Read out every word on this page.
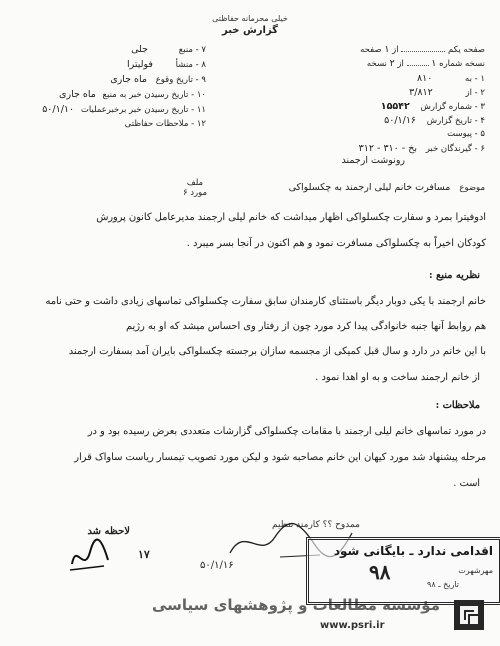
خیلی محرمانه حفاظتی
گزارش خبر
صفحه یکم  از ۱ صفحه
نسخه شماره ۱  از ۲ نسخه
۱ - به ۸۱۰
۲ - از ۳/۸۱۲
۳ - شماره گزارش ۱۵۵۴۲
۴ - تاریخ گزارش ۵۰/۱/۱۶
۵ - پیوست
۶ - گیرندگان خبر بخ - ۳۱۰ - ۳۱۲
رونوشت ارجمند
۷ - منبع جلی
۸ - منشأ فولیترا
۹ - تاریخ وقوع ماه جاری
۱۰ - تاریخ رسیدن خبر به منبع ماه جاری
۱۱ - تاریخ رسیدن خبر برخبرعملیات ۵۰/۱/۱۰
۱۲ - ملاحظات حفاظتی
موضوع مسافرت خانم لیلی ارجمند به چکسلواکی
ملف
۶ مورد
ادوفیترا بمرد و سفارت چکسلواکی اظهار میداشت که خانم لیلی ارجمند مدیرعامل کانون پرورش
کودکان اخیراً به چکسلواکی مسافرت نمود و هم اکنون در آنجا بسر میبرد .
نظریه منبع :
خانم ارجمند با یکی دوبار دیگر باستثنای کارمندان سابق سفارت چکسلواکی تماسهای زیادی داشت و حتی نامه
هم روابط آنها جنبه خانوادگی پیدا کرد مورد چون از رفتار وی احساس میشد که او به رژیم
با این خانم در دارد و سال قبل کمیکی از مجسمه سازان برجسته چکسلواکی بایران آمد بسفارت ارجمند
از خانم ارجمند ساخت و به او اهدا نمود .
ملاحظات :
در مورد تماسهای خانم لیلی ارجمند با مقامات چکسلواکی گزارشات متعددی بعرض رسیده بود و در
مرحله پیشنهاد شد مورد کیهان این خانم مصاحبه شود و لیکن مورد تصویب تیمسار ریاست ساواک قرار
است .
ممدوح ؟؟ کارمند تنظیم
۵۰/۱/۱۶
لاحظه شد
۱۷	اقدامی ندارد ـ بایگانی شود
مهرشهرت
تاریخ ـ ۹۸
۹۸
مؤسسه مطالعات و پژوهشهای سیاسی
www.psri.ir
